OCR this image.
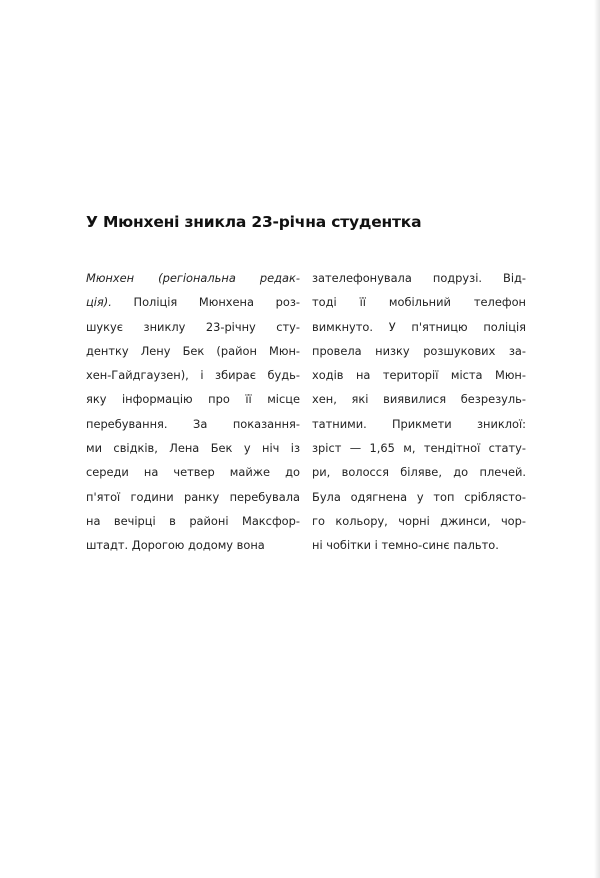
У Мюнхені зникла 23-річна студентка
Мюнхен (регіональна редак-
ція). Поліція Мюнхена роз-
шукує зниклу 23-річну сту-
дентку Лену Бек (район Мюн-
хен-Гайдгаузен), і збирає будь-
яку інформацію про її місце
перебування. За показання-
ми свідків, Лена Бек у ніч із
середи на четвер майже до
п'ятої години ранку перебувала
на вечірці в районі Максфор-
штадт. Дорогою додому вона
зателефонувала подрузі. Від-
тоді її мобільний телефон
вимкнуто. У п'ятницю поліція
провела низку розшукових за-
ходів на території міста Мюн-
хен, які виявилися безрезуль-
татними. Прикмети зниклої:
зріст — 1,65 м, тендітної стату-
ри, волосся біляве, до плечей.
Була одягнена у топ сріблясто-
го кольору, чорні джинси, чор-
ні чобітки і темно-синє пальто.
